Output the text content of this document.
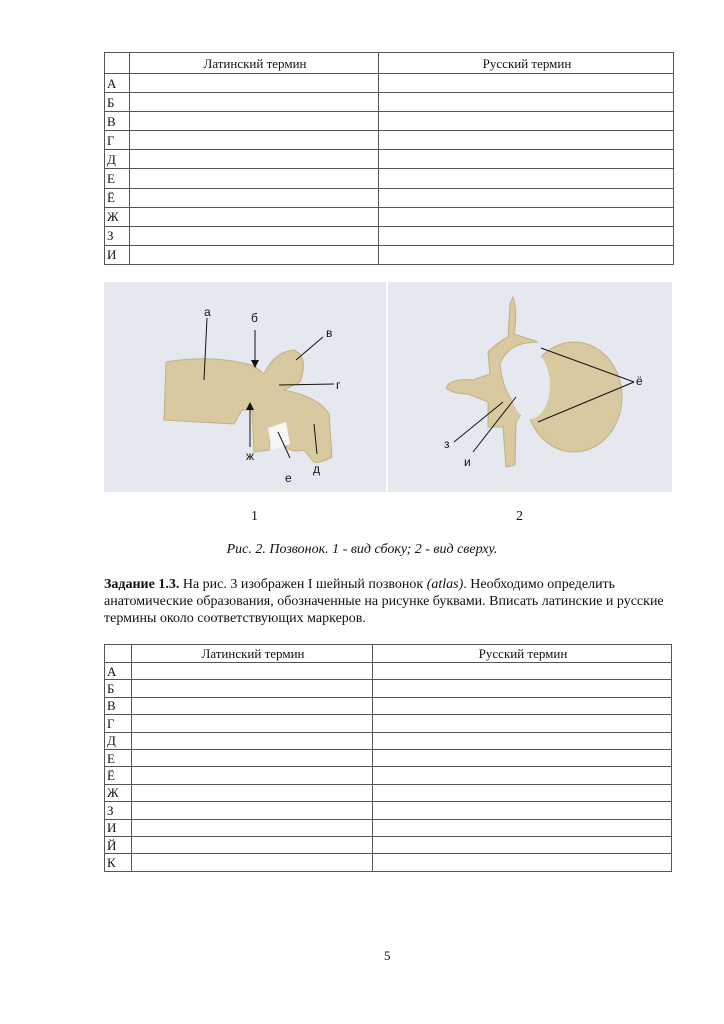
	Латинский термин	Русский термин
А		
Б		
В		
Г		
Д		
Е		
Ё		
Ж		
З		
И		
а	б
в
г
д
е
ж
ё
з
и
1	2
Рис. 2. Позвонок. 1 - вид сбоку; 2 - вид сверху.
Задание 1.3. На рис. 3 изображен I шейный позвонок (atlas). Необходимо определить анатомические образования, обозначенные на рисунке буквами. Вписать латинские и русские термины около соответствующих маркеров.
	Латинский термин	Русский термин
А		
Б		
В		
Г		
Д		
Е		
Ё		
Ж		
З		
И		
Й		
К		
5
